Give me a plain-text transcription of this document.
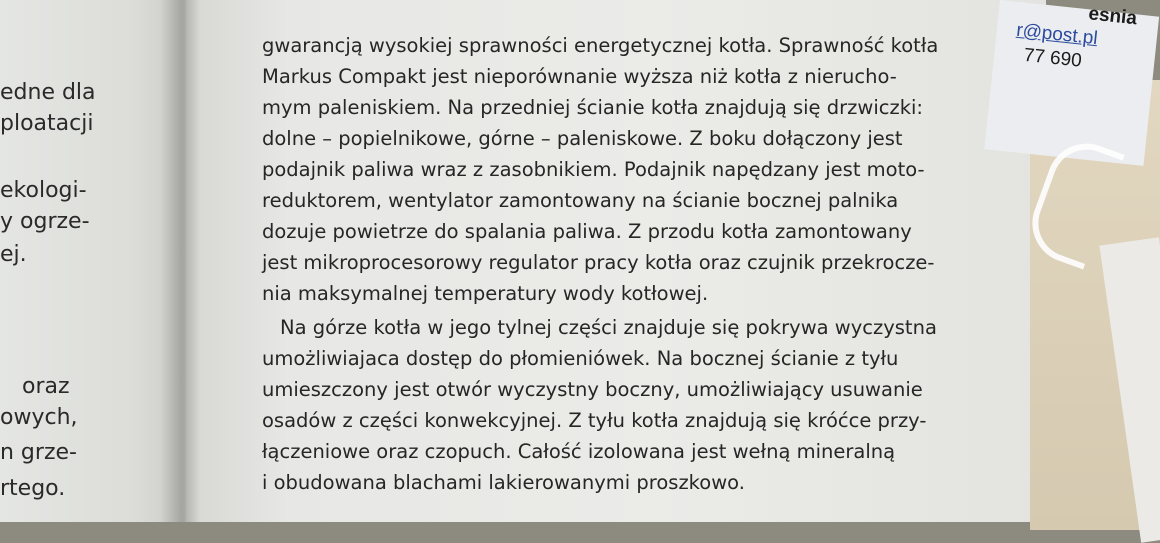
edne dla
ploatacji
ekologi-
y ogrze-
ej.
oraz
owych,
n grze-
rtego.
esnia
r@post.pl
77 690
gwarancją wysokiej sprawności energetycznej kotła. Sprawność kotła
Markus Compakt jest nieporównanie wyższa niż kotła z nierucho-
mym paleniskiem. Na przedniej ścianie kotła znajdują się drzwiczki:
dolne – popielnikowe, górne – paleniskowe. Z boku dołączony jest
podajnik paliwa wraz z zasobnikiem. Podajnik napędzany jest moto-
reduktorem, wentylator zamontowany na ścianie bocznej palnika
dozuje powietrze do spalania paliwa. Z przodu kotła zamontowany
jest mikroprocesorowy regulator pracy kotła oraz czujnik przekrocze-
nia maksymalnej temperatury wody kotłowej.
Na górze kotła w jego tylnej części znajduje się pokrywa wyczystna
umożliwiajaca dostęp do płomieniówek. Na bocznej ścianie z tyłu
umieszczony jest otwór wyczystny boczny, umożliwiający usuwanie
osadów z części konwekcyjnej. Z tyłu kotła znajdują się króćce przy-
łączeniowe oraz czopuch. Całość izolowana jest wełną mineralną
i obudowana blachami lakierowanymi proszkowo.
